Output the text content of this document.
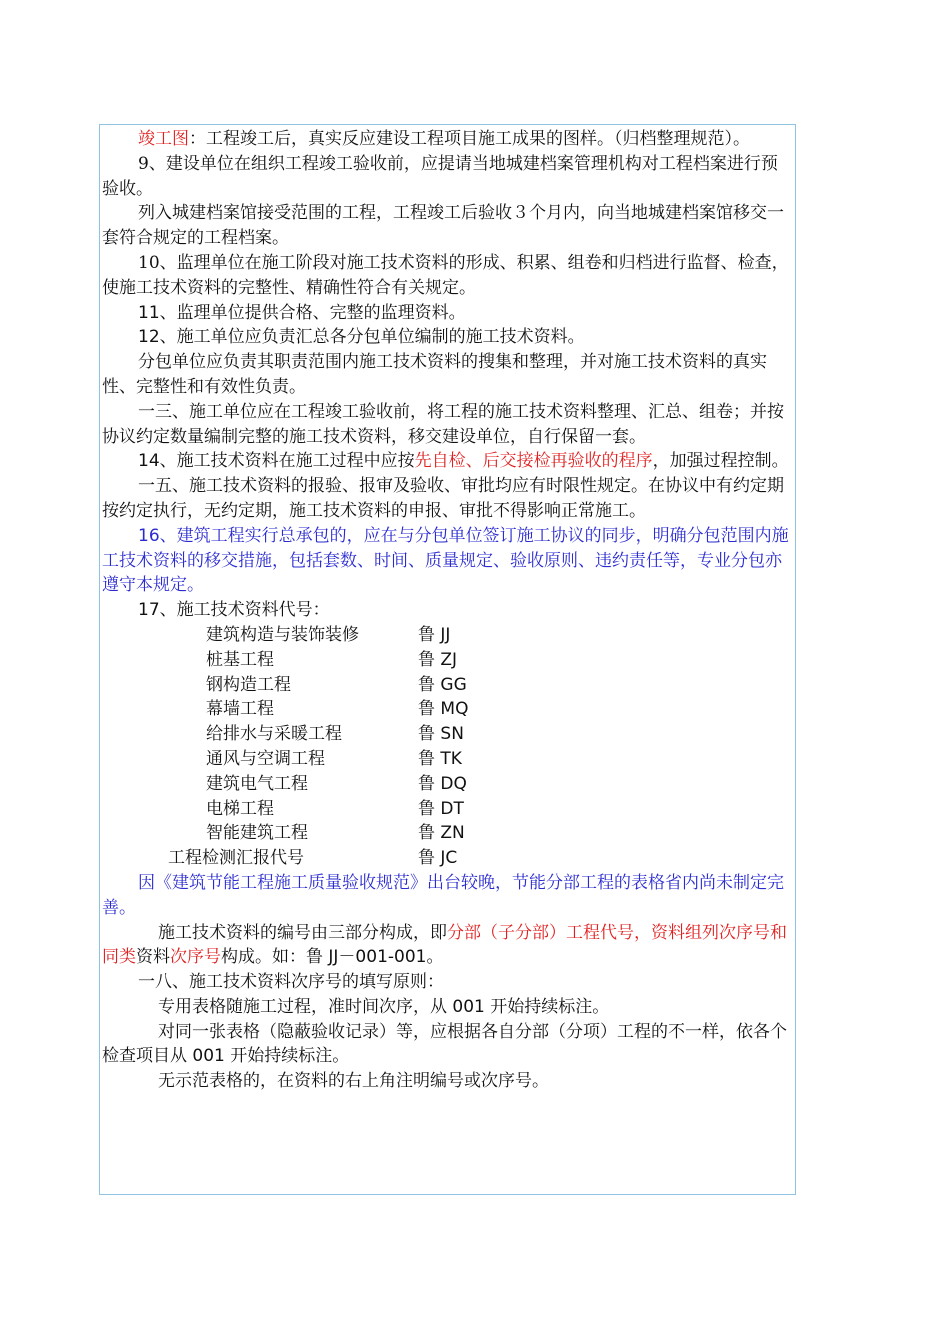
竣工图：工程竣工后，真实反应建设工程项目施工成果的图样。（归档整理规范）。

9、建设单位在组织工程竣工验收前，应提请当地城建档案管理机构对工程档案进行预验收。

列入城建档案馆接受范围的工程，工程竣工后验收３个月内，向当地城建档案馆移交一套符合规定的工程档案。

10、监理单位在施工阶段对施工技术资料的形成、积累、组卷和归档进行监督、检查，使施工技术资料的完整性、精确性符合有关规定。

11、监理单位提供合格、完整的监理资料。

12、施工单位应负责汇总各分包单位编制的施工技术资料。

分包单位应负责其职责范围内施工技术资料的搜集和整理，并对施工技术资料的真实性、完整性和有效性负责。

一三、施工单位应在工程竣工验收前，将工程的施工技术资料整理、汇总、组卷；并按协议约定数量编制完整的施工技术资料，移交建设单位，自行保留一套。

14、施工技术资料在施工过程中应按先自检、后交接检再验收的程序，加强过程控制。

一五、施工技术资料的报验、报审及验收、审批均应有时限性规定。在协议中有约定期按约定执行，无约定期，施工技术资料的申报、审批不得影响正常施工。

16、建筑工程实行总承包的，应在与分包单位签订施工协议的同步，明确分包范围内施工技术资料的移交措施，包括套数、时间、质量规定、验收原则、违约责任等，专业分包亦遵守本规定。

17、施工技术资料代号：

建筑构造与装饰装修	鲁 JJ
桩基工程	鲁 ZJ
钢构造工程	鲁 GG
幕墙工程	鲁 MQ
给排水与采暖工程	鲁 SN
通风与空调工程	鲁 TK
建筑电气工程	鲁 DQ
电梯工程	鲁 DT
智能建筑工程	鲁 ZN
工程检测汇报代号	鲁 JC

因《建筑节能工程施工质量验收规范》出台较晚，节能分部工程的表格省内尚未制定完善。

施工技术资料的编号由三部分构成，即分部（子分部）工程代号，资料组列次序号和同类资料次序号构成。如：鲁 JJ－001-001。

一八、施工技术资料次序号的填写原则：

专用表格随施工过程，准时间次序，从 001 开始持续标注。

对同一张表格（隐蔽验收记录）等，应根据各自分部（分项）工程的不一样，依各个检查项目从 001 开始持续标注。

无示范表格的，在资料的右上角注明编号或次序号。
